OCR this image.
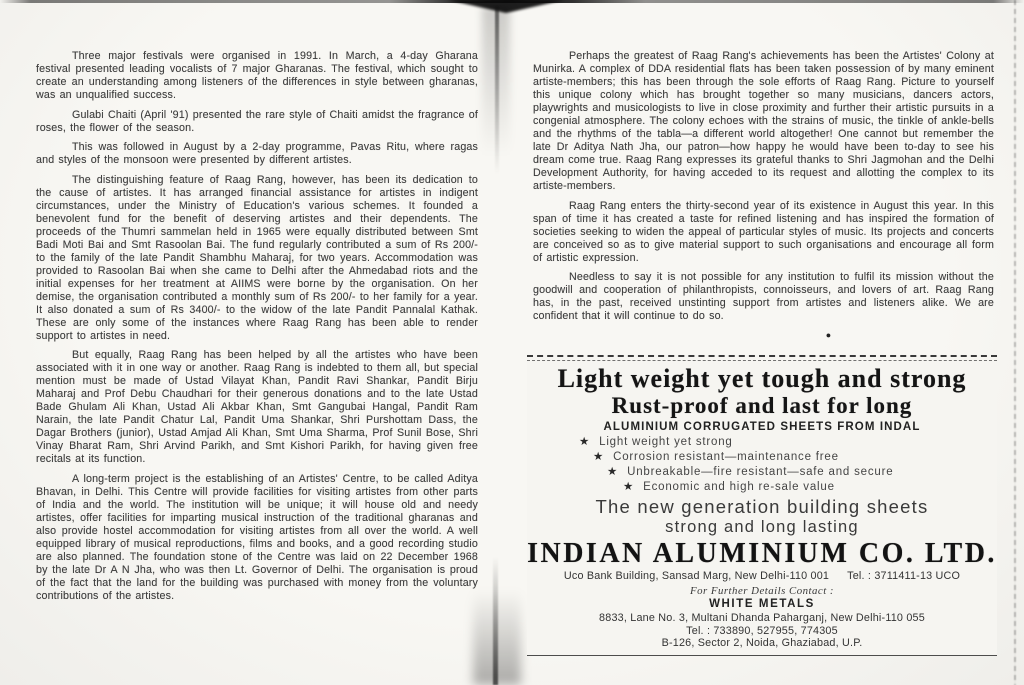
Three major festivals were organised in 1991. In March, a 4-day Gharana festival presented leading vocalists of 7 major Gharanas. The festival, which sought to create an understanding among listeners of the differences in style between gharanas, was an unqualified success.

Gulabi Chaiti (April '91) presented the rare style of Chaiti amidst the fragrance of roses, the flower of the season.

This was followed in August by a 2-day programme, Pavas Ritu, where ragas and styles of the monsoon were presented by different artistes.

The distinguishing feature of Raag Rang, however, has been its dedication to the cause of artistes. It has arranged financial assistance for artistes in indigent circumstances, under the Ministry of Education's various schemes. It founded a benevolent fund for the benefit of deserving artistes and their dependents. The proceeds of the Thumri sammelan held in 1965 were equally distributed between Smt Badi Moti Bai and Smt Rasoolan Bai. The fund regularly contributed a sum of Rs 200/- to the family of the late Pandit Shambhu Maharaj, for two years. Accommodation was provided to Rasoolan Bai when she came to Delhi after the Ahmedabad riots and the initial expenses for her treatment at AIIMS were borne by the organisation. On her demise, the organisation contributed a monthly sum of Rs 200/- to her family for a year. It also donated a sum of Rs 3400/- to the widow of the late Pandit Pannalal Kathak. These are only some of the instances where Raag Rang has been able to render support to artistes in need.

But equally, Raag Rang has been helped by all the artistes who have been associated with it in one way or another. Raag Rang is indebted to them all, but special mention must be made of Ustad Vilayat Khan, Pandit Ravi Shankar, Pandit Birju Maharaj and Prof Debu Chaudhari for their generous donations and to the late Ustad Bade Ghulam Ali Khan, Ustad Ali Akbar Khan, Smt Gangubai Hangal, Pandit Ram Narain, the late Pandit Chatur Lal, Pandit Uma Shankar, Shri Purshottam Dass, the Dagar Brothers (junior), Ustad Amjad Ali Khan, Smt Uma Sharma, Prof Sunil Bose, Shri Vinay Bharat Ram, Shri Arvind Parikh, and Smt Kishori Parikh, for having given free recitals at its function.

A long-term project is the establishing of an Artistes' Centre, to be called Aditya Bhavan, in Delhi. This Centre will provide facilities for visiting artistes from other parts of India and the world. The institution will be unique; it will house old and needy artistes, offer facilities for imparting musical instruction of the traditional gharanas and also provide hostel accommodation for visiting artistes from all over the world. A well equipped library of musical reproductions, films and books, and a good recording studio are also planned. The foundation stone of the Centre was laid on 22 December 1968 by the late Dr A N Jha, who was then Lt. Governor of Delhi. The organisation is proud of the fact that the land for the building was purchased with money from the voluntary contributions of the artistes.

Perhaps the greatest of Raag Rang's achievements has been the Artistes' Colony at Munirka. A complex of DDA residential flats has been taken possession of by many eminent artiste-members; this has been through the sole efforts of Raag Rang. Picture to yourself this unique colony which has brought together so many musicians, dancers actors, playwrights and musicologists to live in close proximity and further their artistic pursuits in a congenial atmosphere. The colony echoes with the strains of music, the tinkle of ankle-bells and the rhythms of the tabla—a different world altogether! One cannot but remember the late Dr Aditya Nath Jha, our patron—how happy he would have been to-day to see his dream come true. Raag Rang expresses its grateful thanks to Shri Jagmohan and the Delhi Development Authority, for having acceded to its request and allotting the complex to its artiste-members.

Raag Rang enters the thirty-second year of its existence in August this year. In this span of time it has created a taste for refined listening and has inspired the formation of societies seeking to widen the appeal of particular styles of music. Its projects and concerts are conceived so as to give material support to such organisations and encourage all form of artistic expression.

Needless to say it is not possible for any institution to fulfil its mission without the goodwill and cooperation of philanthropists, connoisseurs, and lovers of art. Raag Rang has, in the past, received unstinting support from artistes and listeners alike. We are confident that it will continue to do so.

●
Light weight yet tough and strong
Rust-proof and last for long
ALUMINIUM CORRUGATED SHEETS FROM INDAL
★ Light weight yet strong
★ Corrosion resistant—maintenance free
★ Unbreakable—fire resistant—safe and secure
★ Economic and high re-sale value
The new generation building sheets
strong and long lasting
INDIAN ALUMINIUM CO. LTD.
Uco Bank Building, Sansad Marg, New Delhi-110 001 Tel. : 3711411-13 UCO
For Further Details Contact :
WHITE METALS
8833, Lane No. 3, Multani Dhanda Paharganj, New Delhi-110 055
Tel. : 733890, 527955, 774305
B-126, Sector 2, Noida, Ghaziabad, U.P.
